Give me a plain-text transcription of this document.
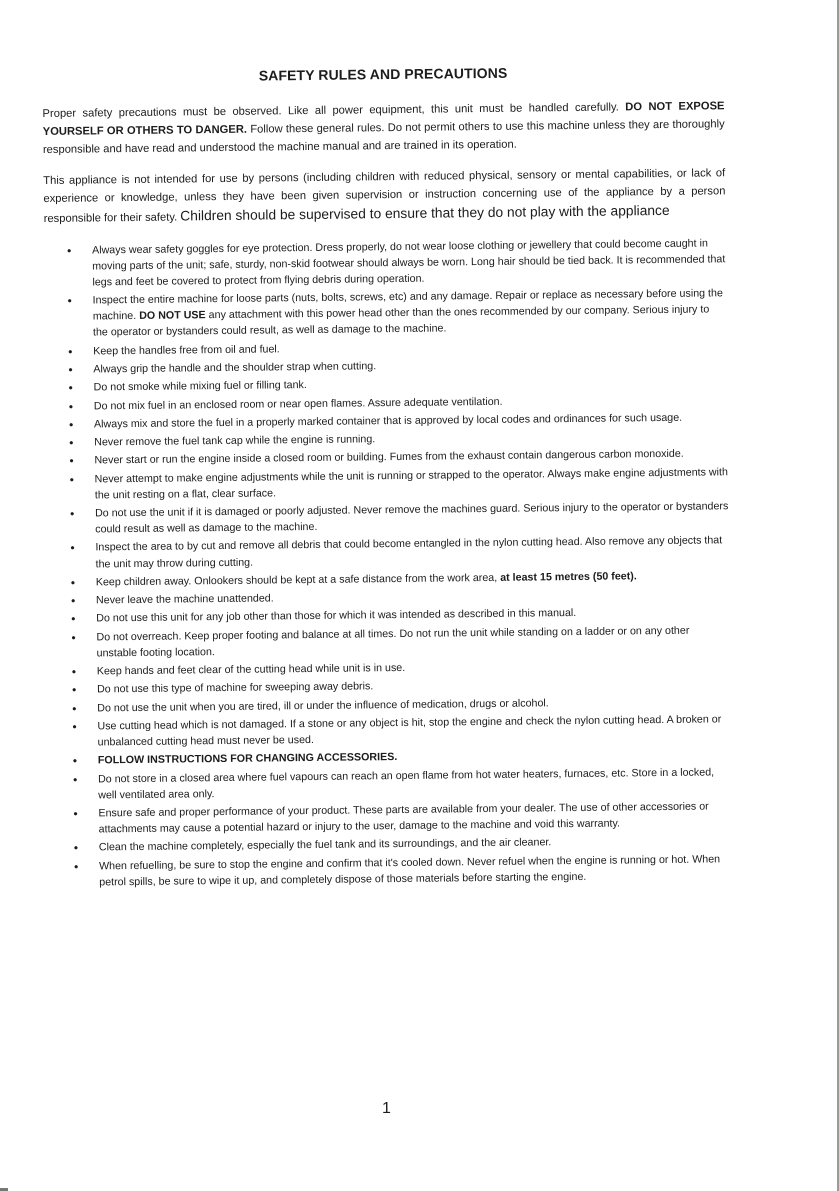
SAFETY RULES AND PRECAUTIONS

Proper safety precautions must be observed. Like all power equipment, this unit must be handled carefully. DO NOT EXPOSE YOURSELF OR OTHERS TO DANGER. Follow these general rules. Do not permit others to use this machine unless they are thoroughly responsible and have read and understood the machine manual and are trained in its operation.

This appliance is not intended for use by persons (including children with reduced physical, sensory or mental capabilities, or lack of experience or knowledge, unless they have been given supervision or instruction concerning use of the appliance by a person responsible for their safety. Children should be supervised to ensure that they do not play with the appliance

• Always wear safety goggles for eye protection. Dress properly, do not wear loose clothing or jewellery that could become caught in moving parts of the unit; safe, sturdy, non-skid footwear should always be worn. Long hair should be tied back. It is recommended that legs and feet be covered to protect from flying debris during operation.
• Inspect the entire machine for loose parts (nuts, bolts, screws, etc) and any damage. Repair or replace as necessary before using the machine. DO NOT USE any attachment with this power head other than the ones recommended by our company. Serious injury to the operator or bystanders could result, as well as damage to the machine.
• Keep the handles free from oil and fuel.
• Always grip the handle and the shoulder strap when cutting.
• Do not smoke while mixing fuel or filling tank.
• Do not mix fuel in an enclosed room or near open flames. Assure adequate ventilation.
• Always mix and store the fuel in a properly marked container that is approved by local codes and ordinances for such usage.
• Never remove the fuel tank cap while the engine is running.
• Never start or run the engine inside a closed room or building. Fumes from the exhaust contain dangerous carbon monoxide.
• Never attempt to make engine adjustments while the unit is running or strapped to the operator. Always make engine adjustments with the unit resting on a flat, clear surface.
• Do not use the unit if it is damaged or poorly adjusted. Never remove the machines guard. Serious injury to the operator or bystanders could result as well as damage to the machine.
• Inspect the area to by cut and remove all debris that could become entangled in the nylon cutting head. Also remove any objects that the unit may throw during cutting.
• Keep children away. Onlookers should be kept at a safe distance from the work area, at least 15 metres (50 feet).
• Never leave the machine unattended.
• Do not use this unit for any job other than those for which it was intended as described in this manual.
• Do not overreach. Keep proper footing and balance at all times. Do not run the unit while standing on a ladder or on any other unstable footing location.
• Keep hands and feet clear of the cutting head while unit is in use.
• Do not use this type of machine for sweeping away debris.
• Do not use the unit when you are tired, ill or under the influence of medication, drugs or alcohol.
• Use cutting head which is not damaged. If a stone or any object is hit, stop the engine and check the nylon cutting head. A broken or unbalanced cutting head must never be used.
• FOLLOW INSTRUCTIONS FOR CHANGING ACCESSORIES.
• Do not store in a closed area where fuel vapours can reach an open flame from hot water heaters, furnaces, etc. Store in a locked, well ventilated area only.
• Ensure safe and proper performance of your product. These parts are available from your dealer. The use of other accessories or attachments may cause a potential hazard or injury to the user, damage to the machine and void this warranty.
• Clean the machine completely, especially the fuel tank and its surroundings, and the air cleaner.
• When refuelling, be sure to stop the engine and confirm that it's cooled down. Never refuel when the engine is running or hot. When petrol spills, be sure to wipe it up, and completely dispose of those materials before starting the engine.
1
